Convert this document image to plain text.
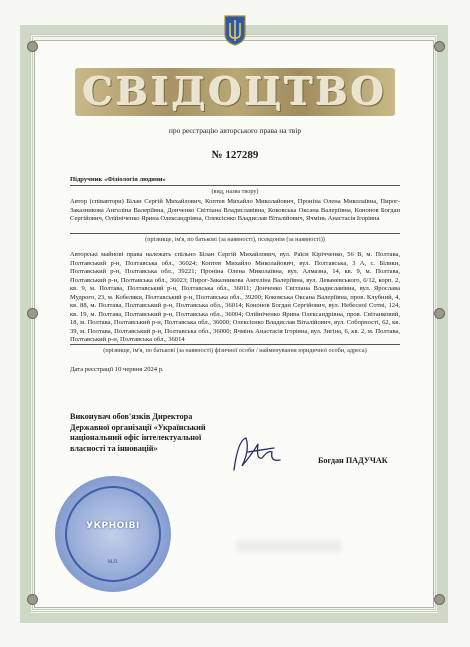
СВІДОЦТВО
про реєстрацію авторського права на твір
№ 127289
Підручник «Фізіологія людини»
(вид, назва твору)
Автор (співавтори) Білан Сергій Михайлович, Коптев Михайло Миколайович, Проніна Олена Миколаївна, Пирог-Заказникова Ангеліна Валеріївна, Донченко Світлана Владиславівна, Коковська Оксана Валеріївна, Кононов Богдан Сергійович, Олійніченко Ярина Олександрівна, Олексієнко Владислав Віталійович, Ячмінь Анастасія Ігорівна
(прізвище, ім'я, по батькові (за наявності), псевдонім (за наявності))
Авторські майнові права належать спільно Білан Сергій Михайлович, вул. Раїси Кірічченко, 56 В, м. Полтава, Полтавський р-н, Полтавська обл., 36024; Коптев Михайло Миколайович, вул. Полтавська, 3 А, с. Білики, Полтавський р-н, Полтавська обл., 39221; Проніна Олена Миколаївна, вул. Алмазна, 14, кв. 9, м. Полтава, Полтавський р-н, Полтавська обл., 36023; Пирог-Заказникова Ангеліна Валеріївна, вул. Леваневського, 6/12, корп. 2, кв. 9, м. Полтава, Полтавський р-н, Полтавська обл., 36011; Донченко Світлана Владиславівна, вул. Ярослава Мудрого, 23, м. Кобеляки, Полтавський р-н, Полтавська обл., 39200; Коковська Оксана Валеріївна, пров. Клубний, 4, кв. 88, м. Полтава, Полтавський р-н, Полтавська обл., 36014; Кононов Богдан Сергійович, вул. Небесної Сотні, 124, кв. 19, м. Полтава, Полтавський р-н, Полтавська обл., 36004; Олійніченко Ярина Олександрівна, пров. Світанковий, 18, м. Полтава, Полтавський р-н, Полтавська обл., 36000; Олексієнко Владислав Віталійович, вул. Соборності, 62, кв. 39, м. Полтава, Полтавський р-н, Полтавська обл., 36000; Ячмінь Анастасія Ігорівна, вул. Зигіна, 6, кв. 2, м. Полтава, Полтавський р-н, Полтавська обл., 36014
(прізвище, ім'я, по батькові (за наявності) фізичної особи / найменування юридичної особи, адреса)
Дата реєстрації 10 червня 2024 р.
Виконувач обов'язків Директора Державної організації «Український національний офіс інтелектуальної власності та інновацій»
Богдан ПАДУЧАК
УКРНОІВІ
М.П.
